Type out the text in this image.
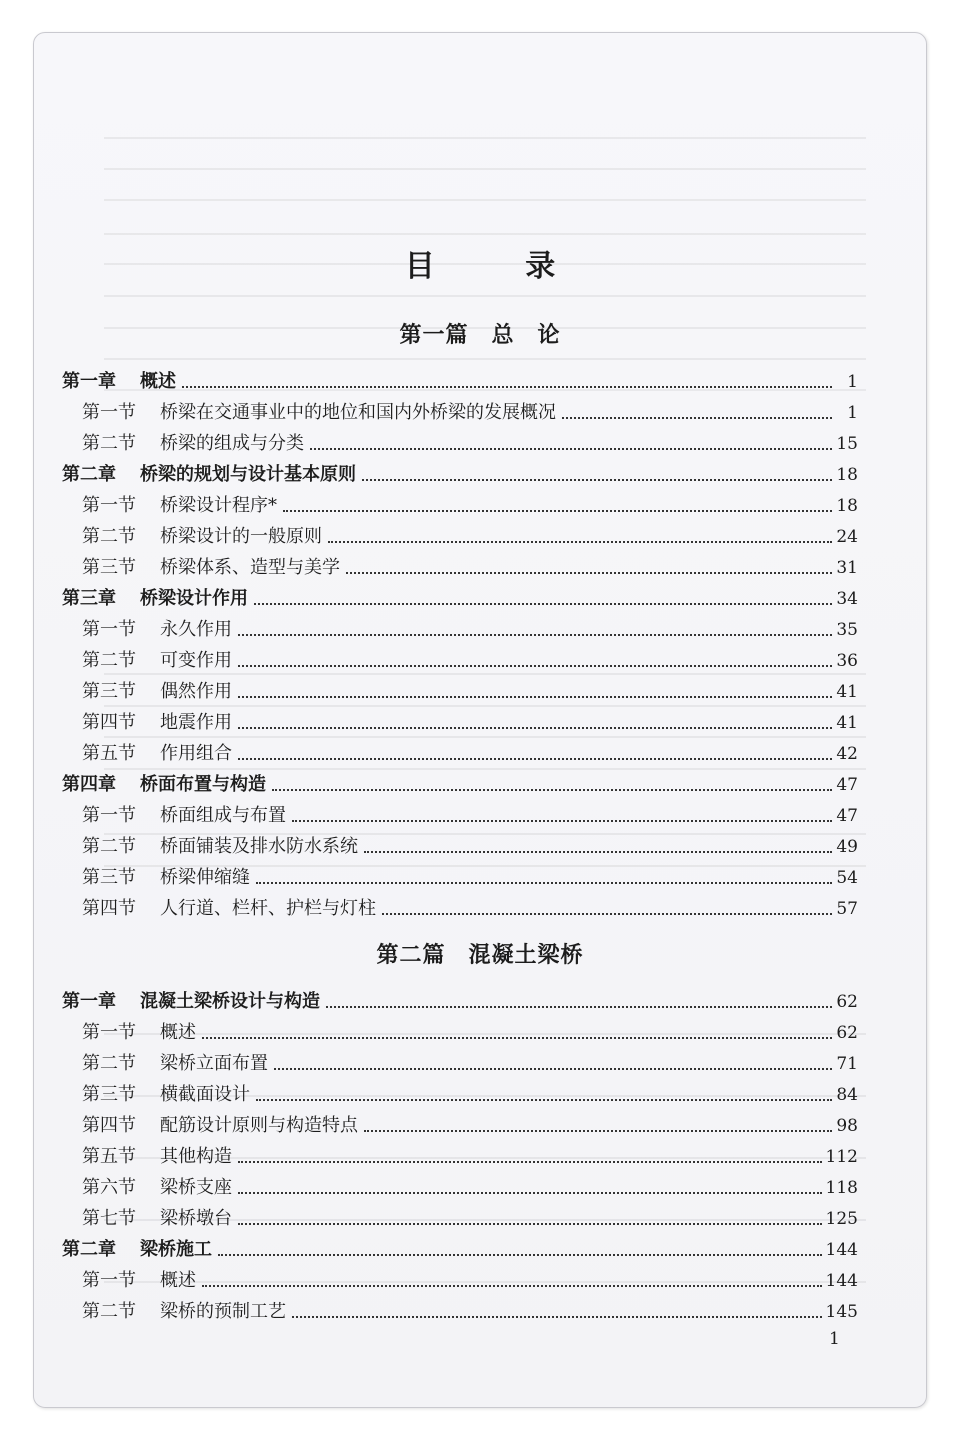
目 录
第一篇　总　论
第二篇　混凝土梁桥
第一章	概述	1
第一节	桥梁在交通事业中的地位和国内外桥梁的发展概况	1
第二节	桥梁的组成与分类	15
第二章	桥梁的规划与设计基本原则	18
第一节	桥梁设计程序*	18
第二节	桥梁设计的一般原则	24
第三节	桥梁体系、造型与美学	31
第三章	桥梁设计作用	34
第一节	永久作用	35
第二节	可变作用	36
第三节	偶然作用	41
第四节	地震作用	41
第五节	作用组合	42
第四章	桥面布置与构造	47
第一节	桥面组成与布置	47
第二节	桥面铺装及排水防水系统	49
第三节	桥梁伸缩缝	54
第四节	人行道、栏杆、护栏与灯柱	57
第一章	混凝土梁桥设计与构造	62
第一节	概述	62
第二节	梁桥立面布置	71
第三节	横截面设计	84
第四节	配筋设计原则与构造特点	98
第五节	其他构造	112
第六节	梁桥支座	118
第七节	梁桥墩台	125
第二章	梁桥施工	144
第一节	概述	144
第二节	梁桥的预制工艺	145
1
